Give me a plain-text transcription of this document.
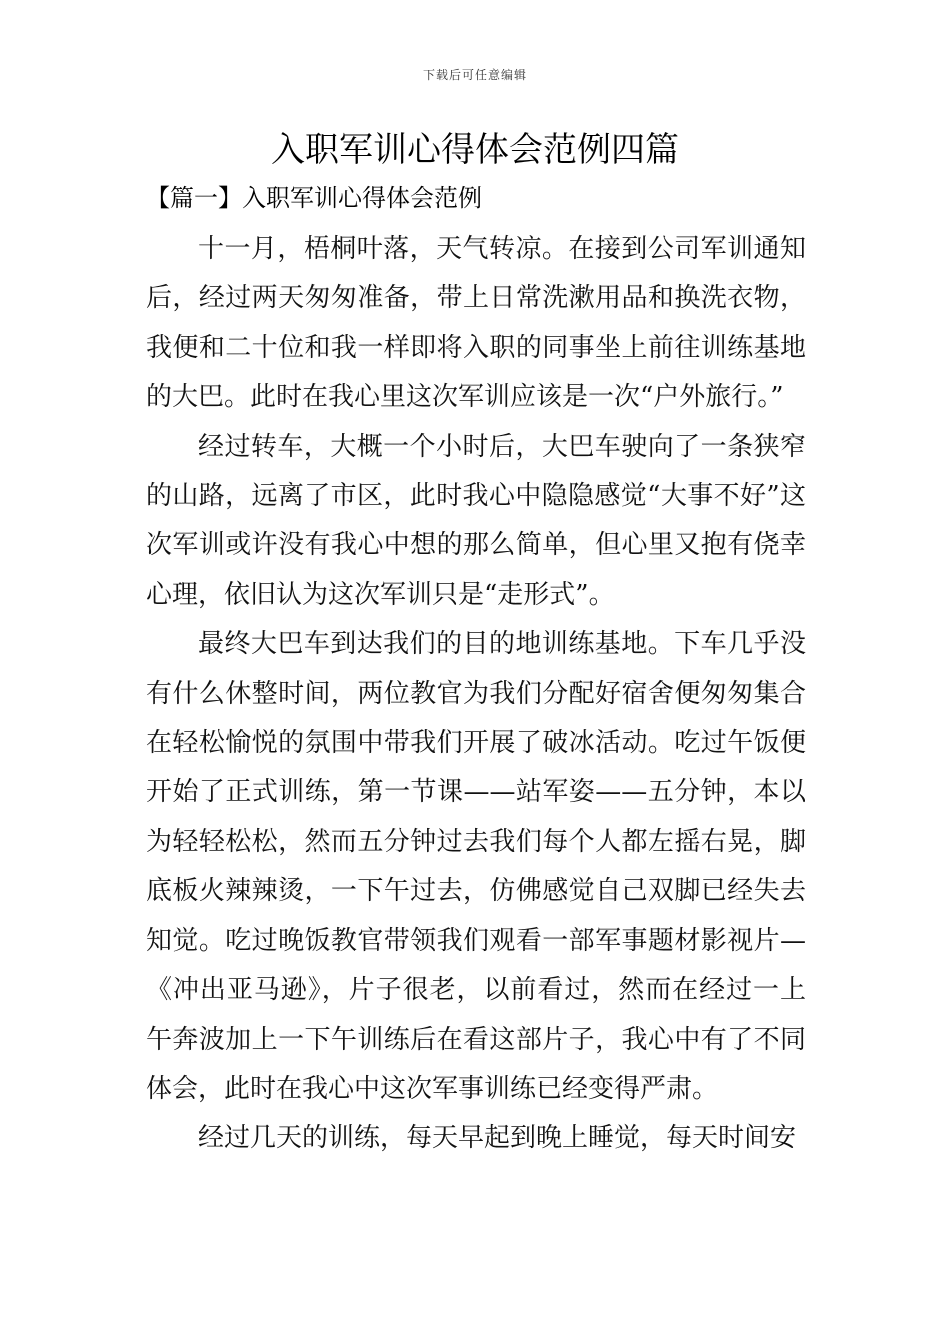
下载后可任意编辑
入职军训心得体会范例四篇
【篇一】入职军训心得体会范例

十一月，梧桐叶落，天气转凉。在接到公司军训通知后，经过两天匆匆准备，带上日常洗漱用品和换洗衣物，我便和二十位和我一样即将入职的同事坐上前往训练基地的大巴。此时在我心里这次军训应该是一次“户外旅行。”

经过转车，大概一个小时后，大巴车驶向了一条狭窄的山路，远离了市区，此时我心中隐隐感觉“大事不好”这次军训或许没有我心中想的那么简单，但心里又抱有侥幸心理，依旧认为这次军训只是“走形式”。

最终大巴车到达我们的目的地训练基地。下车几乎没有什么休整时间，两位教官为我们分配好宿舍便匆匆集合在轻松愉悦的氛围中带我们开展了破冰活动。吃过午饭便开始了正式训练，第一节课——站军姿——五分钟，本以为轻轻松松，然而五分钟过去我们每个人都左摇右晃，脚底板火辣辣烫，一下午过去，仿佛感觉自己双脚已经失去知觉。吃过晚饭教官带领我们观看一部军事题材影视片—《冲出亚马逊》，片子很老，以前看过，然而在经过一上午奔波加上一下午训练后在看这部片子，我心中有了不同体会，此时在我心中这次军事训练已经变得严肃。

经过几天的训练，每天早起到晚上睡觉，每天时间安
